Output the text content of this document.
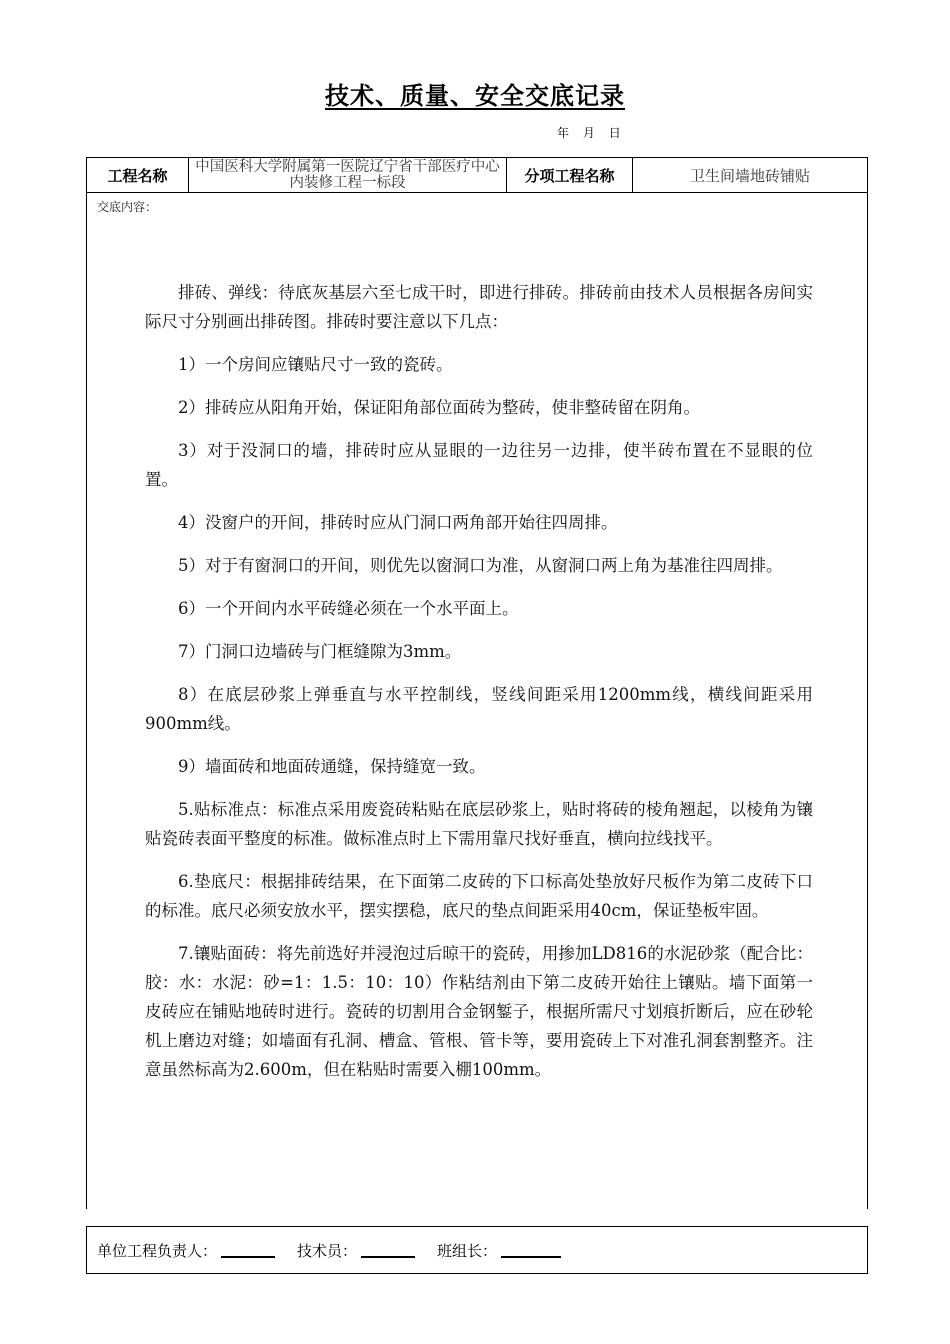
技术、质量、安全交底记录
年 月 日
工程名称	中国医科大学附属第一医院辽宁省干部医疗中心内装修工程一标段	分项工程名称	卫生间墙地砖铺贴
交底内容：

排砖、弹线：待底灰基层六至七成干时，即进行排砖。排砖前由技术人员根据各房间实际尺寸分别画出排砖图。排砖时要注意以下几点：

1）一个房间应镶贴尺寸一致的瓷砖。

2）排砖应从阳角开始，保证阳角部位面砖为整砖，使非整砖留在阴角。

3）对于没洞口的墙，排砖时应从显眼的一边往另一边排，使半砖布置在不显眼的位置。

4）没窗户的开间，排砖时应从门洞口两角部开始往四周排。

5）对于有窗洞口的开间，则优先以窗洞口为准，从窗洞口两上角为基准往四周排。

6）一个开间内水平砖缝必须在一个水平面上。

7）门洞口边墙砖与门框缝隙为3mm。

8）在底层砂浆上弹垂直与水平控制线，竖线间距采用1200mm线，横线间距采用900mm线。

9）墙面砖和地面砖通缝，保持缝宽一致。

5.贴标准点：标准点采用废瓷砖粘贴在底层砂浆上，贴时将砖的棱角翘起，以棱角为镶贴瓷砖表面平整度的标准。做标准点时上下需用靠尺找好垂直，横向拉线找平。

6.垫底尺：根据排砖结果，在下面第二皮砖的下口标高处垫放好尺板作为第二皮砖下口的标准。底尺必须安放水平，摆实摆稳，底尺的垫点间距采用40cm，保证垫板牢固。

7.镶贴面砖：将先前选好并浸泡过后晾干的瓷砖，用掺加LD816的水泥砂浆（配合比：胶：水：水泥：砂=1：1.5：10：10）作粘结剂由下第二皮砖开始往上镶贴。墙下面第一皮砖应在铺贴地砖时进行。瓷砖的切割用合金钢錾子，根据所需尺寸划痕折断后，应在砂轮机上磨边对缝；如墙面有孔洞、槽盒、管根、管卡等，要用瓷砖上下对准孔洞套割整齐。注意虽然标高为2.600m，但在粘贴时需要入棚100mm。

单位工程负责人：	技术员：	班组长：
